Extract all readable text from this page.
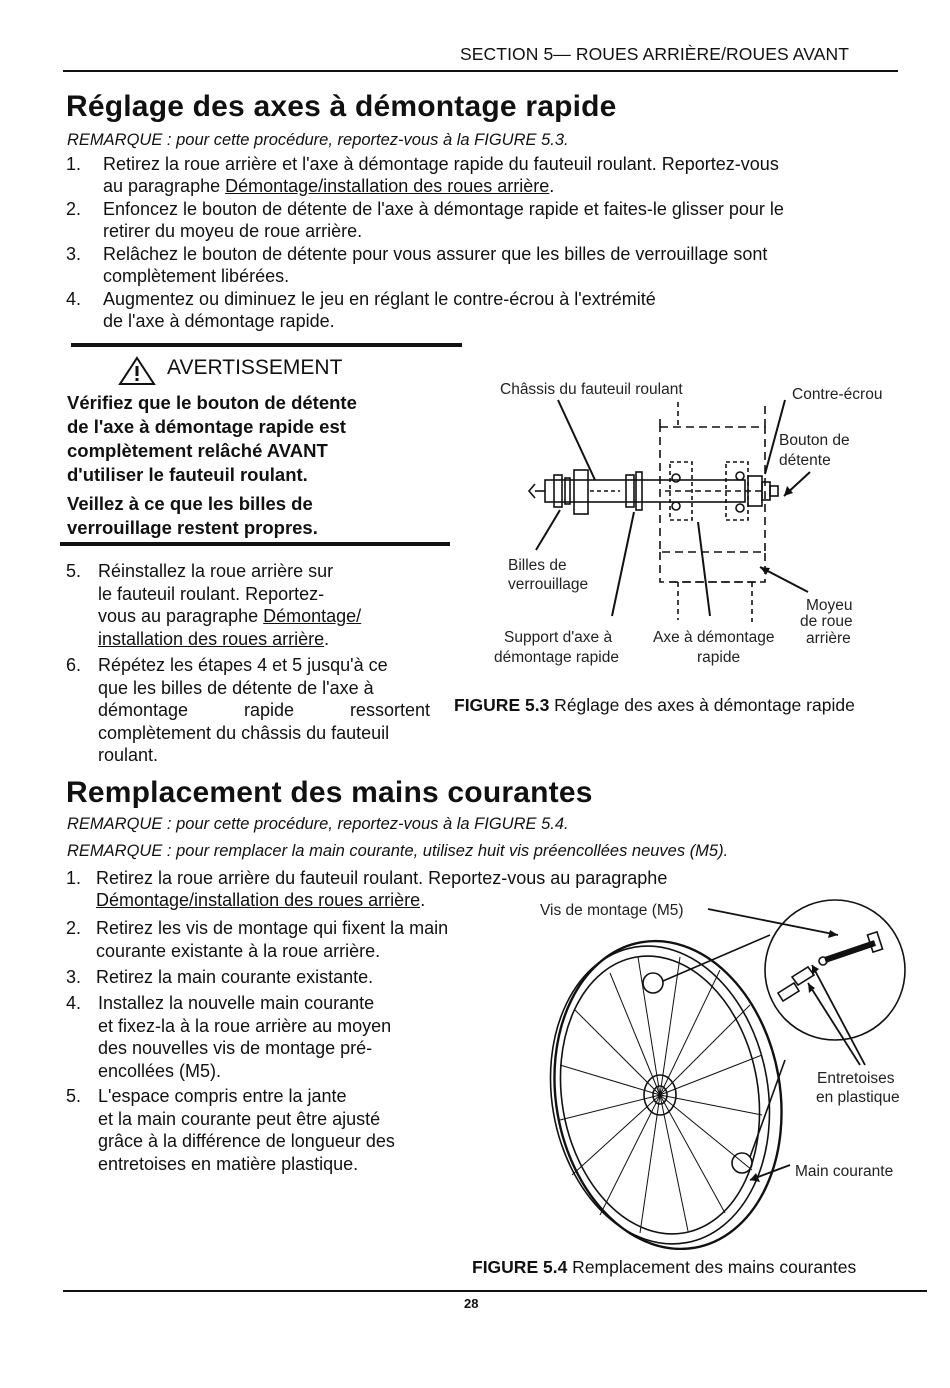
SECTION 5— ROUES ARRIÈRE/ROUES AVANT
Réglage des axes à démontage rapide
REMARQUE : pour cette procédure, reportez-vous à la FIGURE 5.3.
1. Retirez la roue arrière et l'axe à démontage rapide du fauteuil roulant. Reportez-vous
au paragraphe Démontage/installation des roues arrière.
2. Enfoncez le bouton de détente de l'axe à démontage rapide et faites-le glisser pour le
retirer du moyeu de roue arrière.
3. Relâchez le bouton de détente pour vous assurer que les billes de verrouillage sont
complètement libérées.
4. Augmentez ou diminuez le jeu en réglant le contre-écrou à l'extrémité
de l'axe à démontage rapide.
AVERTISSEMENT
Vérifiez que le bouton de détente
de l'axe à démontage rapide est
complètement relâché AVANT
d'utiliser le fauteuil roulant.
Veillez à ce que les billes de
verrouillage restent propres.
5. Réinstallez la roue arrière sur
le fauteuil roulant. Reportez-
vous au paragraphe Démontage/
installation des roues arrière.
6. Répétez les étapes 4 et 5 jusqu'à ce
que les billes de détente de l'axe à
démontage	rapide	ressortent
complètement du châssis du fauteuil
roulant.
Châssis du fauteuil roulant	Contre-écrou
Bouton de
détente
Billes de
verrouillage
Moyeu
de roue
arrière
Support d'axe à
démontage rapide
Axe à démontage
rapide
FIGURE 5.3 Réglage des axes à démontage rapide
Remplacement des mains courantes
REMARQUE : pour cette procédure, reportez-vous à la FIGURE 5.4.
REMARQUE : pour remplacer la main courante, utilisez huit vis préencollées neuves (M5).
1. Retirez la roue arrière du fauteuil roulant. Reportez-vous au paragraphe
Démontage/installation des roues arrière.
2. Retirez les vis de montage qui fixent la main
courante existante à la roue arrière.
3. Retirez la main courante existante.
4. Installez la nouvelle main courante
et fixez-la à la roue arrière au moyen
des nouvelles vis de montage pré-
encollées (M5).
5. L'espace compris entre la jante
et la main courante peut être ajusté
grâce à la différence de longueur des
entretoises en matière plastique.
Vis de montage (M5)
Entretoises
en plastique
Main courante
FIGURE 5.4 Remplacement des mains courantes
28
